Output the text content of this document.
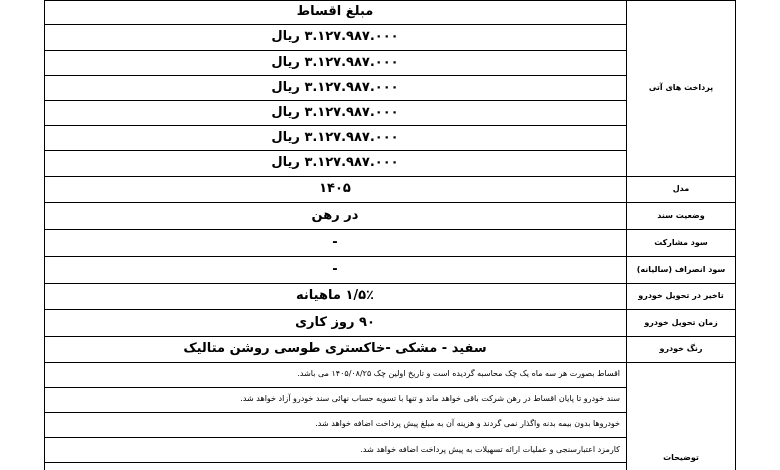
مبلغ اقساط
پرداخت های آتی
۳.۱۲۷.۹۸۷.۰۰۰ ریال
۳.۱۲۷.۹۸۷.۰۰۰ ریال
۳.۱۲۷.۹۸۷.۰۰۰ ریال
۳.۱۲۷.۹۸۷.۰۰۰ ریال
۳.۱۲۷.۹۸۷.۰۰۰ ریال
۳.۱۲۷.۹۸۷.۰۰۰ ریال
۱۴۰۵	مدل
در رهن	وضعیت سند
-	سود مشارکت
-	سود انصراف (سالیانه)
۱/۵٪ ماهیانه	تاخیر در تحویل خودرو
۹۰ روز کاری	زمان تحویل خودرو
سفید - مشکی -خاکستری طوسی روشن متالیک	رنگ خودرو
اقساط بصورت هر سه ماه یک چک محاسبه گردیده است و تاریخ اولین چک ۱۴۰۵/۰۸/۲۵ می باشد.
سند خودرو تا پایان اقساط در رهن شرکت باقی خواهد ماند و تنها با تسویه حساب نهائی سند خودرو آزاد خواهد شد.
خودروها بدون بیمه بدنه واگذار نمی گردند و هزینه آن به مبلغ پیش پرداخت اضافه خواهد شد.
کارمزد اعتبارسنجی و عملیات ارائه تسهیلات به پیش پرداخت اضافه خواهد شد.
توضیحات
